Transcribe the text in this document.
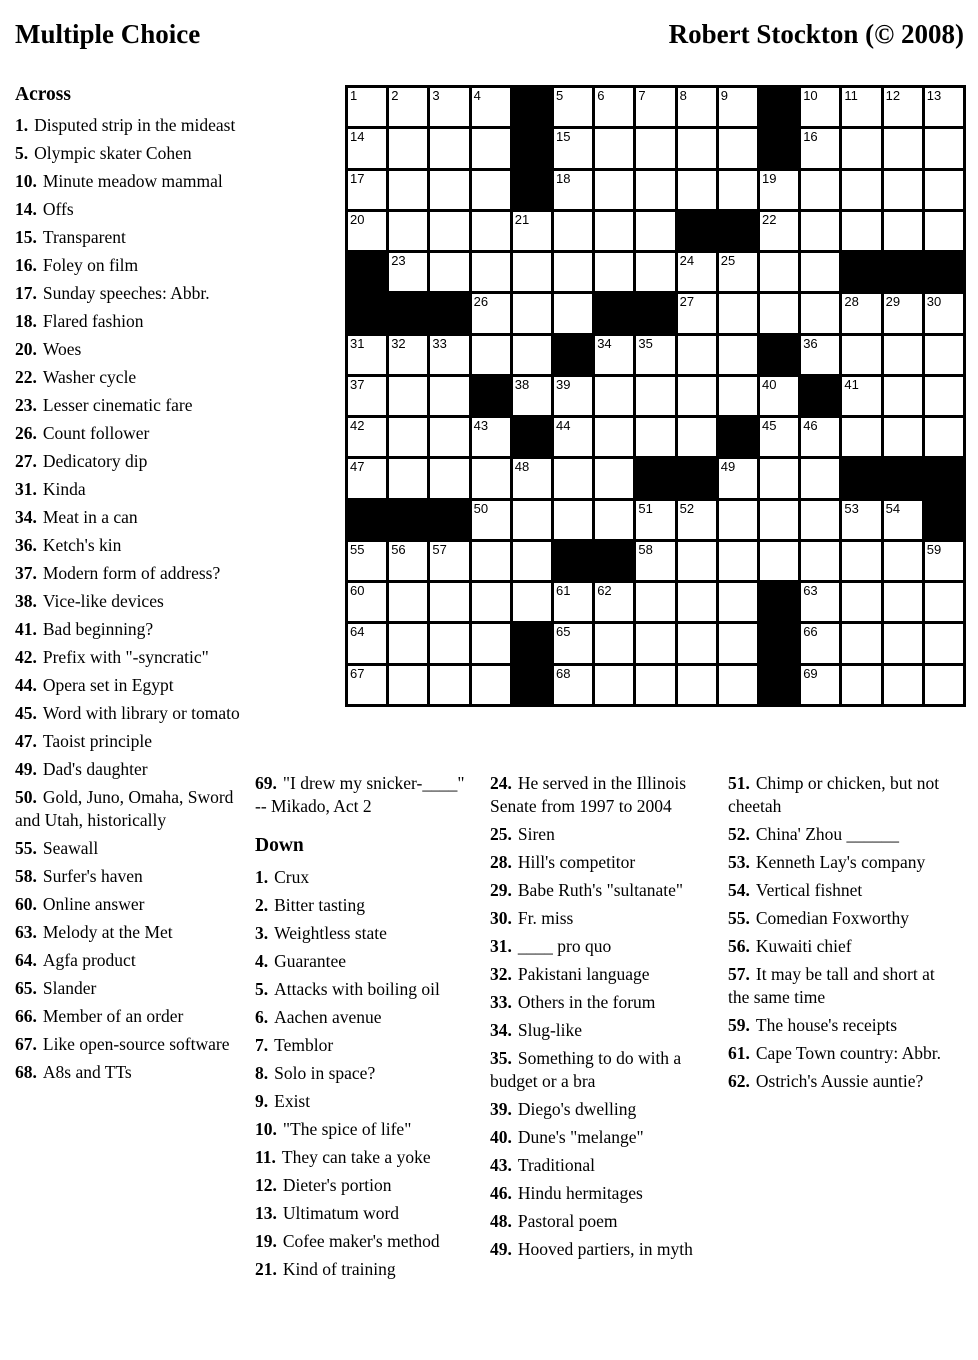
Multiple Choice	Robert Stockton (© 2008)
1	2	3	4	5	6	7	8	9	10 11 12 13
14	15	16
17	18	19
20	21	22
23	24 25
26	27	28 29 30
31 32 33	34 35	36
37	38 39	40	41
42	43	44	45 46
47	48	49
50	51 52	53 54
55 56 57	58	59
60	61 62	63
64	65	66
67	68	69
Across
1 . Disputed strip in the mideast
5 . Olympic skater Cohen
10 . Minute meadow mammal
14 . Offs
15 . Transparent
16 . Foley on film
17 . Sunday speeches: Abbr.
18 . Flared fashion
20 . Woes
22 . Washer cycle
23 . Lesser cinematic fare
26 . Count follower
27 . Dedicatory dip
31 . Kinda
34 . Meat in a can
36 . Ketch's kin
37 . Modern form of address?
38 . Vice-like devices
41 . Bad beginning?
42 . Prefix with "-syncratic"
44 . Opera set in Egypt
45 . Word with library or tomato
47 . Taoist principle
49 . Dad's daughter
50 . Gold, Juno, Omaha, Sword and Utah, historically
55 . Seawall
58 . Surfer's haven
60 . Online answer
63 . Melody at the Met
64 . Agfa product
65 . Slander
66 . Member of an order
67 . Like open-source software
68 . A8s and TTs
69 . "I drew my snicker-____" -- Mikado, Act 2
Down
1 . Crux
2 . Bitter tasting
3 . Weightless state
4 . Guarantee
5 . Attacks with boiling oil
6 . Aachen avenue
7 . Temblor
8 . Solo in space?
9 . Exist
10 . "The spice of life"
11 . They can take a yoke
12 . Dieter's portion
13 . Ultimatum word
19 . Cofee maker's method
21 . Kind of training
24 . He served in the Illinois Senate from 1997 to 2004
25 . Siren
28 . Hill's competitor
29 . Babe Ruth's "sultanate"
30 . Fr. miss
31 . ____ pro quo
32 . Pakistani language
33 . Others in the forum
34 . Slug-like
35 . Something to do with a budget or a bra
39 . Diego's dwelling
40 . Dune's "melange"
43 . Traditional
46 . Hindu hermitages
48 . Pastoral poem
49 . Hooved partiers, in myth
51 . Chimp or chicken, but not cheetah
52 . China' Zhou ______
53 . Kenneth Lay's company
54 . Vertical fishnet
55 . Comedian Foxworthy
56 . Kuwaiti chief
57 . It may be tall and short at the same time
59 . The house's receipts
61 . Cape Town country: Abbr.
62 . Ostrich's Aussie auntie?
